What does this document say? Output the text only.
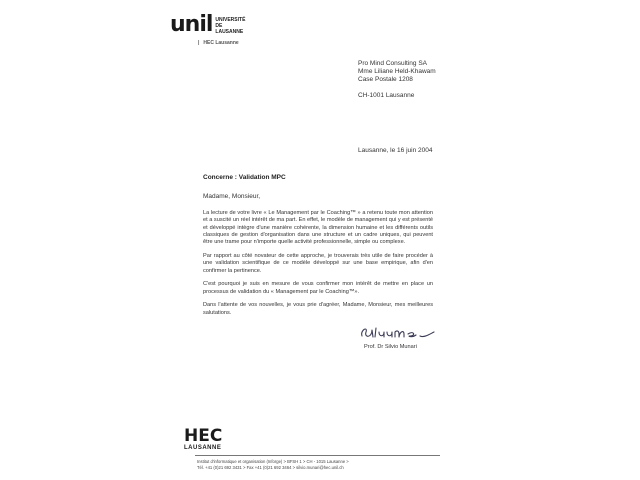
unil UNIVERSITÉ
DE
LAUSANNE
| HEC Lausanne
Pro Mind Consulting SA
Mme Liliane Held-Khawam
Case Postale 1208
CH-1001 Lausanne
Lausanne, le 16 juin 2004
Concerne : Validation MPC
Madame, Monsieur,

La lecture de votre livre « Le Management par le Coaching™ » a retenu toute mon attention et a suscité un réel intérêt de ma part. En effet, le modèle de management qui y est présenté et développé intègre d'une manière cohérente, la dimension humaine et les différents outils classiques de gestion d'organisation dans une structure et un cadre uniques, qui peuvent être une trame pour n'importe quelle activité professionnelle, simple ou complexe.

Par rapport au côté novateur de cette approche, je trouverais très utile de faire procéder à une validation scientifique de ce modèle développé sur une base empirique, afin d'en confirmer la pertinence.

C'est pourquoi je suis en mesure de vous confirmer mon intérêt de mettre en place un processus de validation du « Management par le Coaching™».

Dans l'attente de vos nouvelles, je vous prie d'agréer, Madame, Monsieur, mes meilleures salutations.

Prof. Dr Silvio Munari
HEC
LAUSANNE
Institut d'informatique et organisation (Inforge) > BFSH 1 > CH - 1015 Lausanne >
Tél. +41 (0)21 692 3431 > Fax +41 (0)21 692 3464 > silvio.munari@hec.unil.ch
